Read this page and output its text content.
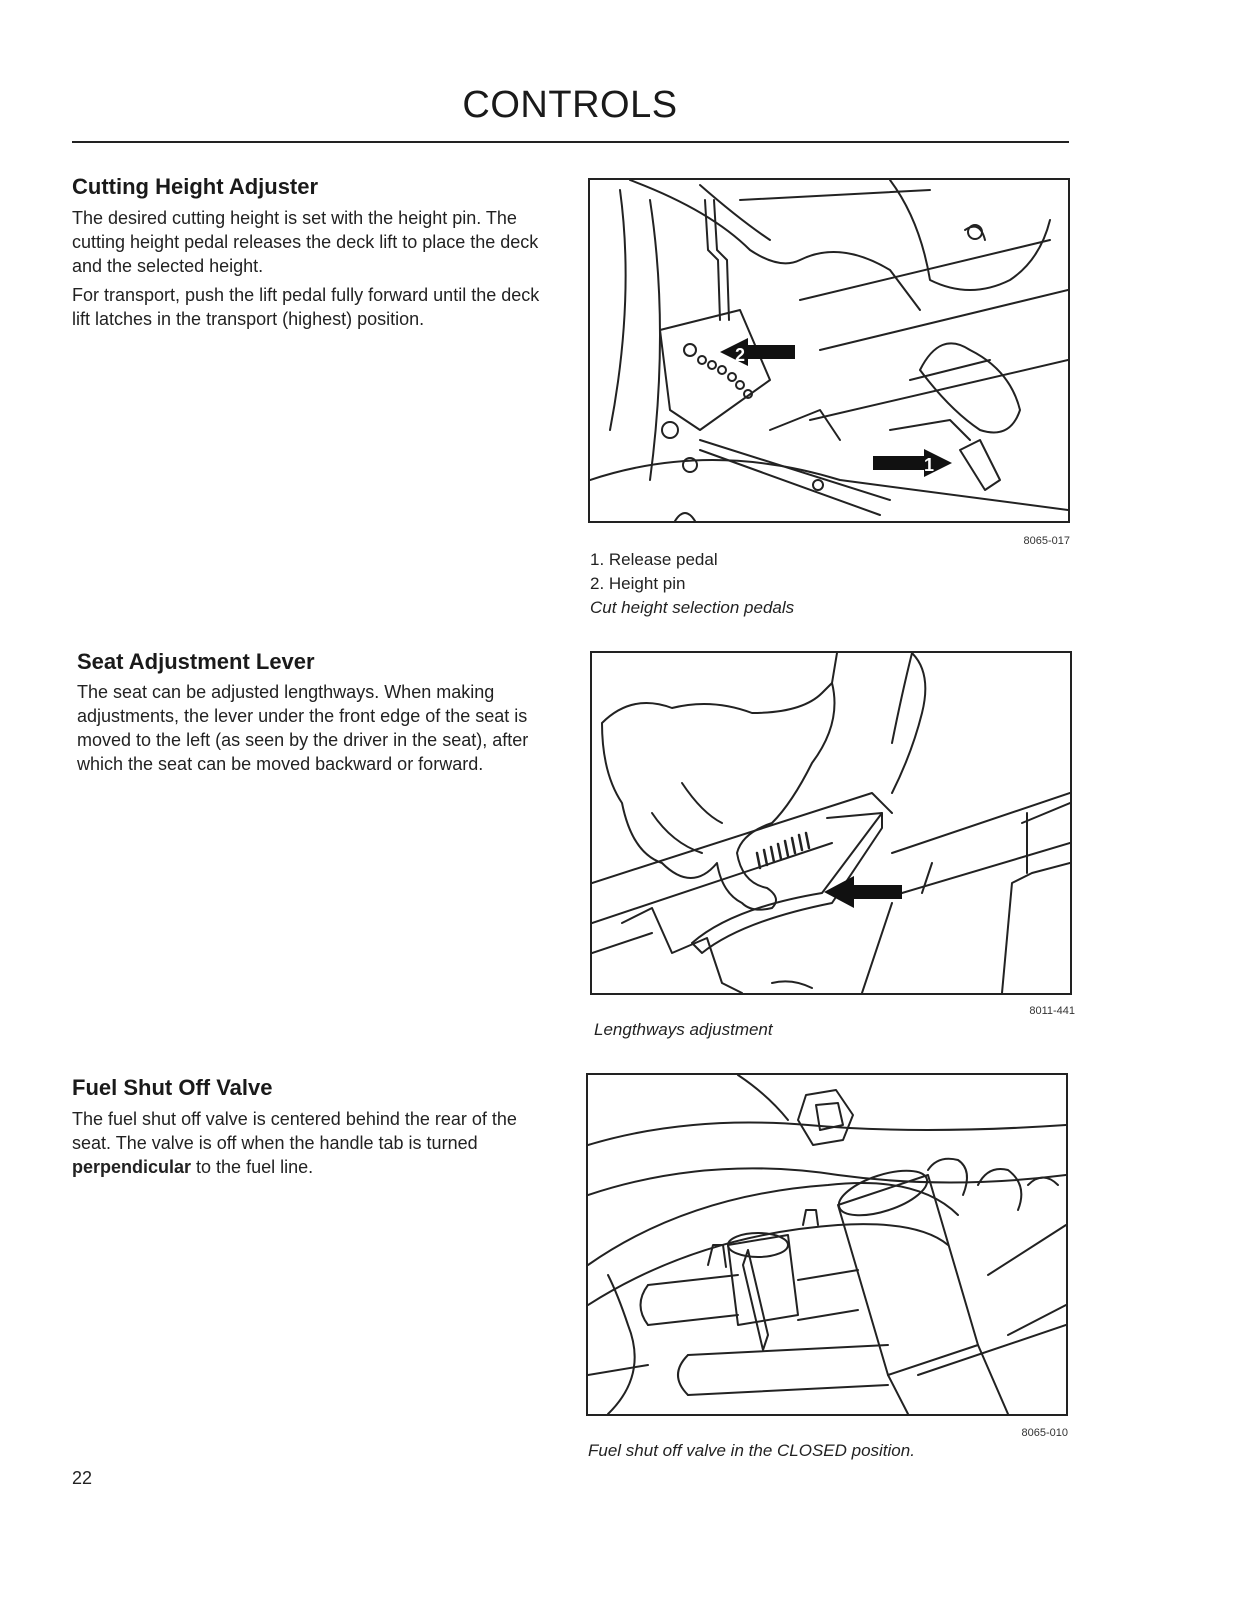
CONTROLS
Cutting Height Adjuster

The desired cutting height is set with the height pin. The cutting height pedal releases the deck lift to place the deck and the selected height.

For transport, push the lift pedal fully forward until the deck lift latches in the transport (highest) position.

2
1
8065-017

1. Release pedal

2. Height pin

Cut height selection pedals

Seat Adjustment Lever

The seat can be adjusted lengthways. When making adjustments, the lever under the front edge of the seat is moved to the left (as seen by the driver in the seat), after which the seat can be moved backward or forward.

8011-441

Lengthways adjustment

Fuel Shut Off Valve

The fuel shut off valve is centered behind the rear of the seat. The valve is off when the handle tab is turned perpendicular to the fuel line.

8065-010

Fuel shut off valve in the CLOSED position.

22
